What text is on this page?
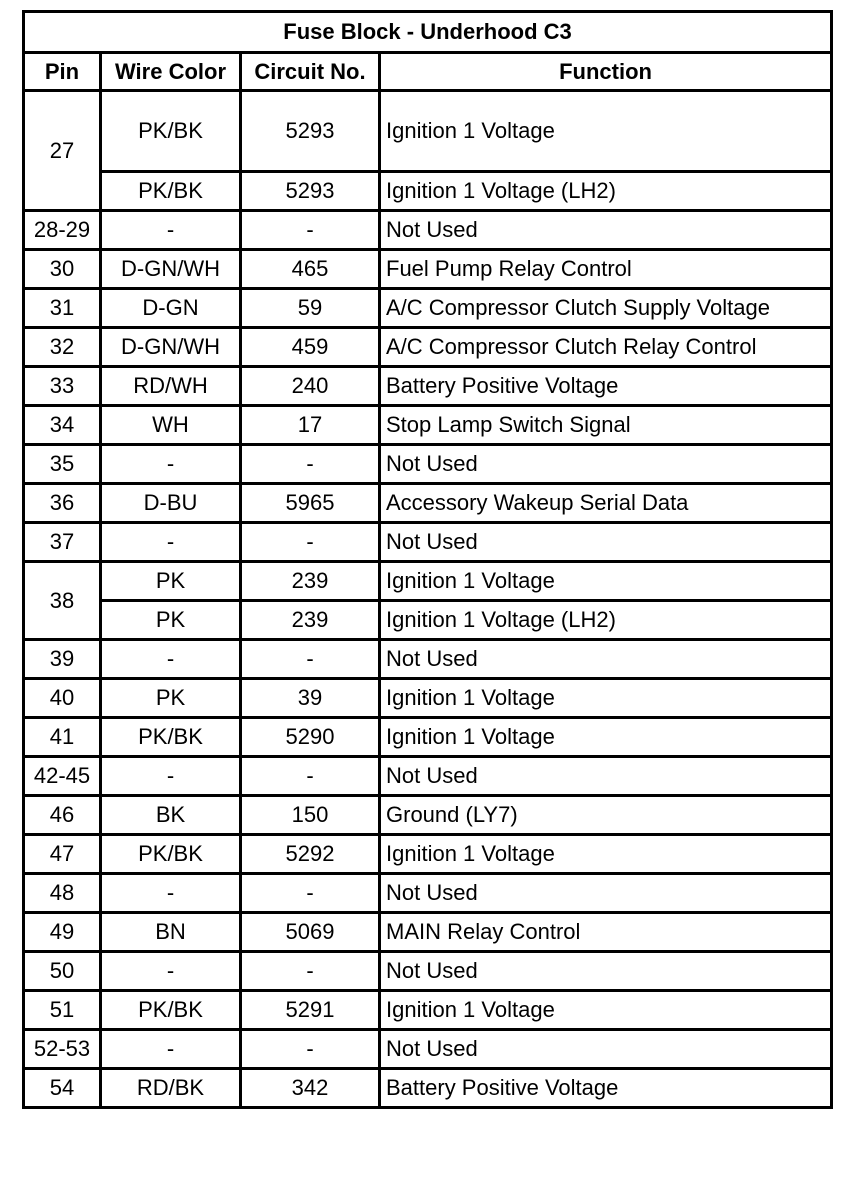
Fuse Block - Underhood C3			
Pin	Wire Color	Circuit No.	Function
27	PK/BK	5293	Ignition 1 Voltage
	PK/BK	5293	Ignition 1 Voltage (LH2)
28-29	-	-	Not Used
30	D-GN/WH	465	Fuel Pump Relay Control
31	D-GN	59	A/C Compressor Clutch Supply Voltage
32	D-GN/WH	459	A/C Compressor Clutch Relay Control
33	RD/WH	240	Battery Positive Voltage
34	WH	17	Stop Lamp Switch Signal
35	-	-	Not Used
36	D-BU	5965	Accessory Wakeup Serial Data
37	-	-	Not Used
38	PK	239	Ignition 1 Voltage
	PK	239	Ignition 1 Voltage (LH2)
39	-	-	Not Used
40	PK	39	Ignition 1 Voltage
41	PK/BK	5290	Ignition 1 Voltage
42-45	-	-	Not Used
46	BK	150	Ground (LY7)
47	PK/BK	5292	Ignition 1 Voltage
48	-	-	Not Used
49	BN	5069	MAIN Relay Control
50	-	-	Not Used
51	PK/BK	5291	Ignition 1 Voltage
52-53	-	-	Not Used
54	RD/BK	342	Battery Positive Voltage
